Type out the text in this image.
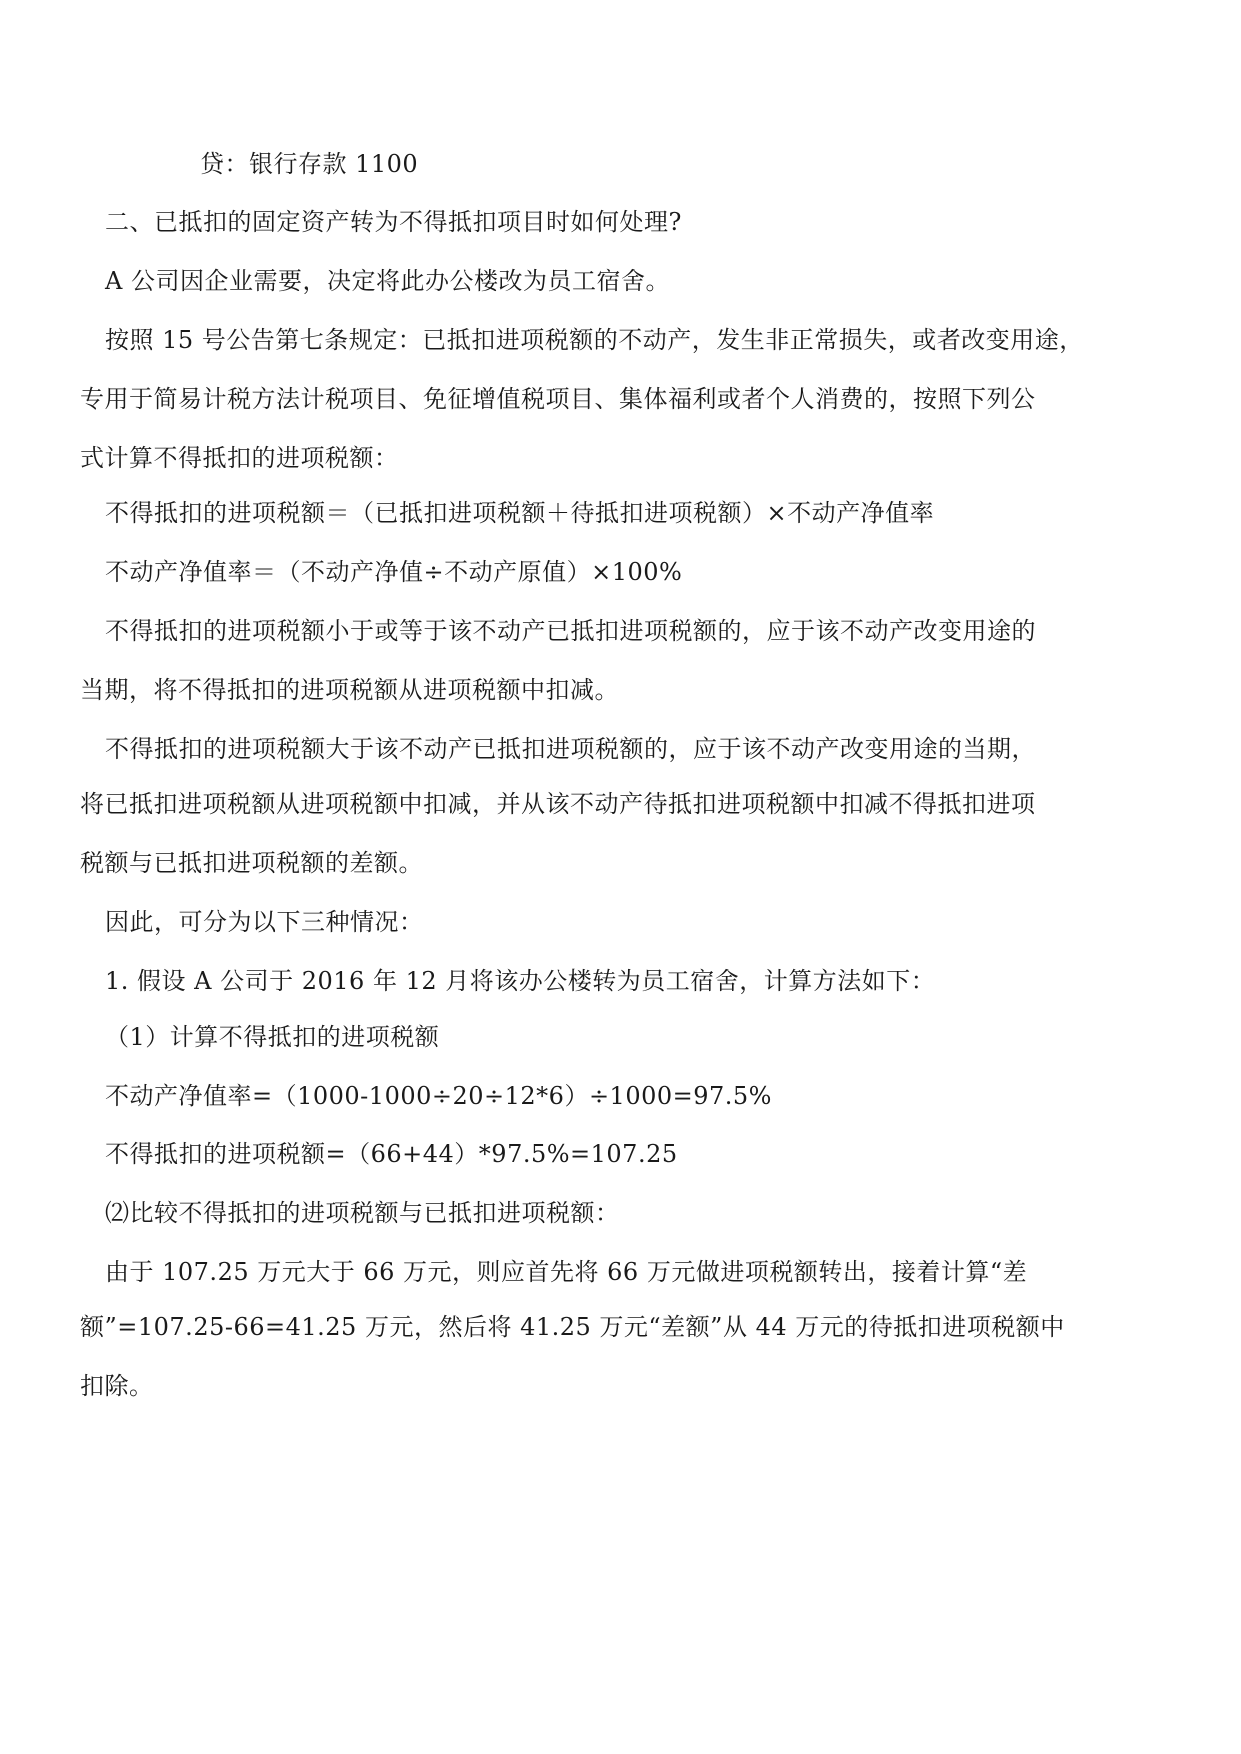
贷：银行存款 1100
二、已抵扣的固定资产转为不得抵扣项目时如何处理?
A 公司因企业需要，决定将此办公楼改为员工宿舍。
按照 15 号公告第七条规定：已抵扣进项税额的不动产，发生非正常损失，或者改变用途，
专用于简易计税方法计税项目、免征增值税项目、集体福利或者个人消费的，按照下列公
式计算不得抵扣的进项税额：
不得抵扣的进项税额＝（已抵扣进项税额＋待抵扣进项税额）×不动产净值率
不动产净值率＝（不动产净值÷不动产原值）×100%
不得抵扣的进项税额小于或等于该不动产已抵扣进项税额的，应于该不动产改变用途的
当期，将不得抵扣的进项税额从进项税额中扣减。
不得抵扣的进项税额大于该不动产已抵扣进项税额的，应于该不动产改变用途的当期，
将已抵扣进项税额从进项税额中扣减，并从该不动产待抵扣进项税额中扣减不得抵扣进项
税额与已抵扣进项税额的差额。
因此，可分为以下三种情况：
1. 假设 A 公司于 2016 年 12 月将该办公楼转为员工宿舍，计算方法如下：
（1）计算不得抵扣的进项税额
不动产净值率=（1000-1000÷20÷12*6）÷1000=97.5%
不得抵扣的进项税额=（66+44）*97.5%=107.25
⑵比较不得抵扣的进项税额与已抵扣进项税额：
由于 107.25 万元大于 66 万元，则应首先将 66 万元做进项税额转出，接着计算“差
额”=107.25-66=41.25 万元，然后将 41.25 万元“差额”从 44 万元的待抵扣进项税额中
扣除。
